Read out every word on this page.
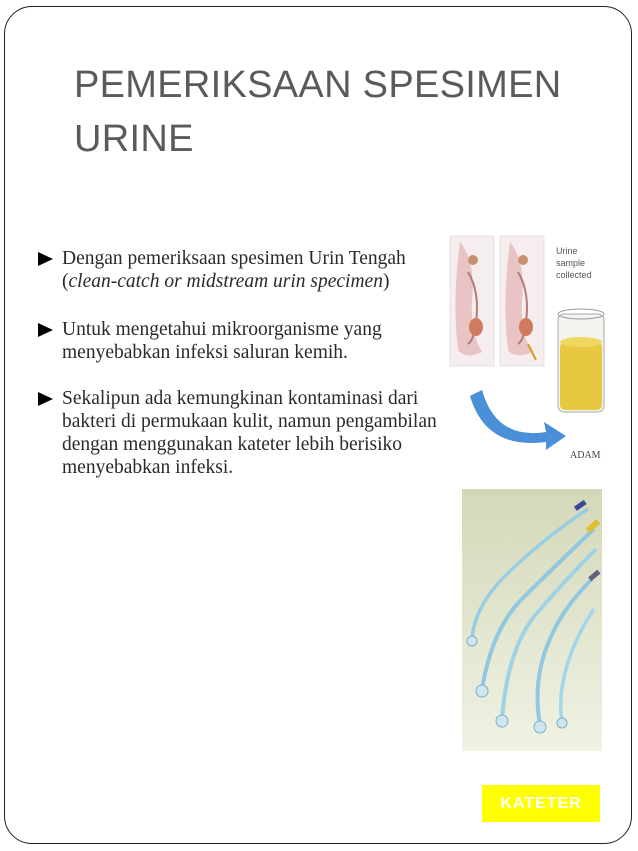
PEMERIKSAAN SPESIMEN
URINE
Dengan pemeriksaan spesimen Urin Tengah (clean-catch or midstream urin specimen)
Untuk mengetahui mikroorganisme yang menyebabkan infeksi saluran kemih.
Sekalipun ada kemungkinan kontaminasi dari bakteri di permukaan kulit, namun pengambilan dengan menggunakan kateter lebih berisiko menyebabkan infeksi.
Urine
sample
collected
ADAM
KATETER
